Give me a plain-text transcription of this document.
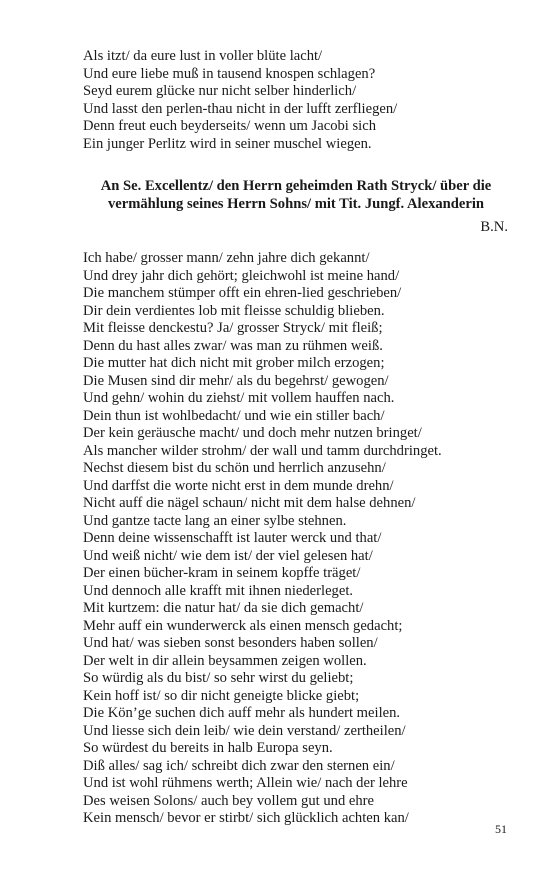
Als itzt/ da eure lust in voller blüte lacht/
Und eure liebe muß in tausend knospen schlagen?
Seyd eurem glücke nur nicht selber hinderlich/
Und lasst den perlen-thau nicht in der lufft zerfliegen/
Denn freut euch beyderseits/ wenn um Jacobi sich
Ein junger Perlitz wird in seiner muschel wiegen.
An Se. Excellentz/ den Herrn geheimden Rath Stryck/ über die
vermählung seines Herrn Sohns/ mit Tit. Jungf. Alexanderin
B.N.
Ich habe/ grosser mann/ zehn jahre dich gekannt/
Und drey jahr dich gehört; gleichwohl ist meine hand/
Die manchem stümper offt ein ehren-lied geschrieben/
Dir dein verdientes lob mit fleisse schuldig blieben.
Mit fleisse denckestu? Ja/ grosser Stryck/ mit fleiß;
Denn du hast alles zwar/ was man zu rühmen weiß.
Die mutter hat dich nicht mit grober milch erzogen;
Die Musen sind dir mehr/ als du begehrst/ gewogen/
Und gehn/ wohin du ziehst/ mit vollem hauffen nach.
Dein thun ist wohlbedacht/ und wie ein stiller bach/
Der kein geräusche macht/ und doch mehr nutzen bringet/
Als mancher wilder strohm/ der wall und tamm durchdringet.
Nechst diesem bist du schön und herrlich anzusehn/
Und darffst die worte nicht erst in dem munde drehn/
Nicht auff die nägel schaun/ nicht mit dem halse dehnen/
Und gantze tacte lang an einer sylbe stehnen.
Denn deine wissenschafft ist lauter werck und that/
Und weiß nicht/ wie dem ist/ der viel gelesen hat/
Der einen bücher-kram in seinem kopffe träget/
Und dennoch alle krafft mit ihnen niederleget.
Mit kurtzem: die natur hat/ da sie dich gemacht/
Mehr auff ein wunderwerck als einen mensch gedacht;
Und hat/ was sieben sonst besonders haben sollen/
Der welt in dir allein beysammen zeigen wollen.
So würdig als du bist/ so sehr wirst du geliebt;
Kein hoff ist/ so dir nicht geneigte blicke giebt;
Die Kön’ge suchen dich auff mehr als hundert meilen.
Und liesse sich dein leib/ wie dein verstand/ zertheilen/
So würdest du bereits in halb Europa seyn.
Diß alles/ sag ich/ schreibt dich zwar den sternen ein/
Und ist wohl rühmens werth; Allein wie/ nach der lehre
Des weisen Solons/ auch bey vollem gut und ehre
Kein mensch/ bevor er stirbt/ sich glücklich achten kan/
51
